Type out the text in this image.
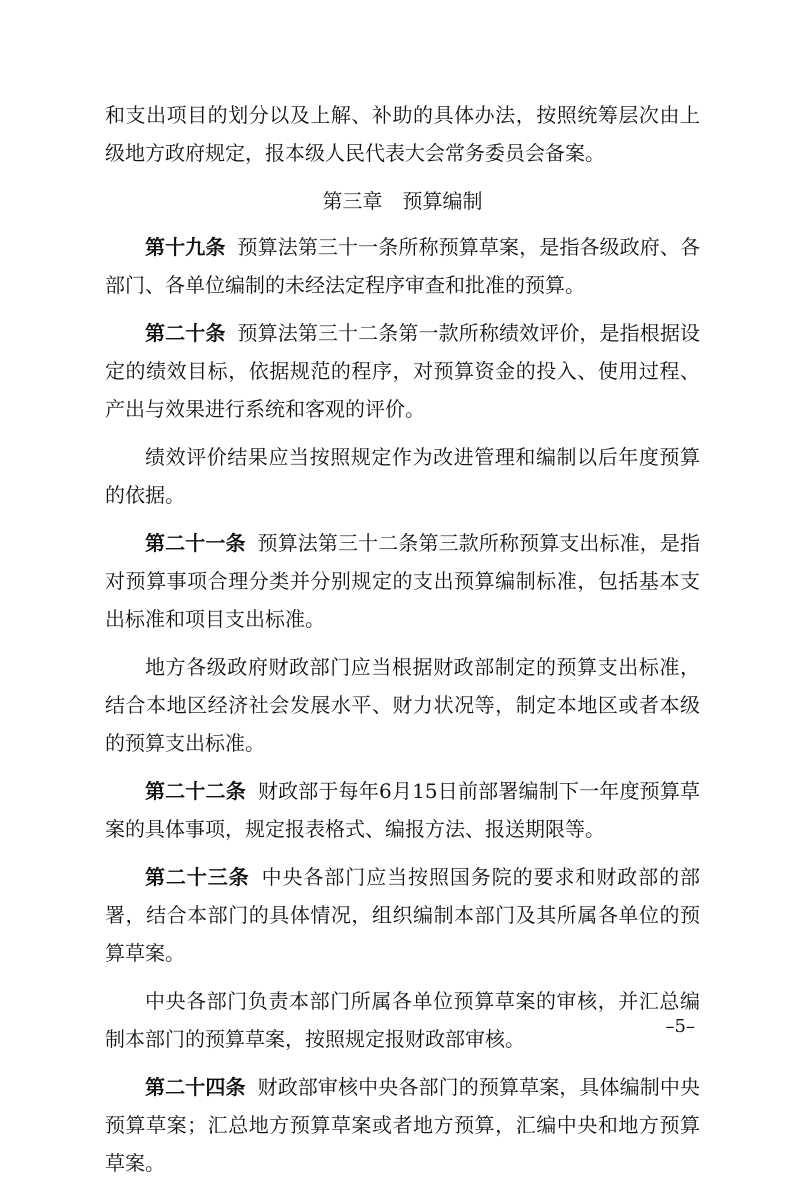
和支出项目的划分以及上解、补助的具体办法，按照统筹层次由上级地方政府规定，报本级人民代表大会常务委员会备案。

第三章　预算编制

第十九条 预算法第三十一条所称预算草案，是指各级政府、各部门、各单位编制的未经法定程序审查和批准的预算。

第二十条 预算法第三十二条第一款所称绩效评价，是指根据设定的绩效目标，依据规范的程序，对预算资金的投入、使用过程、产出与效果进行系统和客观的评价。

绩效评价结果应当按照规定作为改进管理和编制以后年度预算的依据。

第二十一条 预算法第三十二条第三款所称预算支出标准，是指对预算事项合理分类并分别规定的支出预算编制标准，包括基本支出标准和项目支出标准。

地方各级政府财政部门应当根据财政部制定的预算支出标准，结合本地区经济社会发展水平、财力状况等，制定本地区或者本级的预算支出标准。

第二十二条 财政部于每年6月15日前部署编制下一年度预算草案的具体事项，规定报表格式、编报方法、报送期限等。

第二十三条 中央各部门应当按照国务院的要求和财政部的部署，结合本部门的具体情况，组织编制本部门及其所属各单位的预算草案。

中央各部门负责本部门所属各单位预算草案的审核，并汇总编制本部门的预算草案，按照规定报财政部审核。

第二十四条 财政部审核中央各部门的预算草案，具体编制中央预算草案；汇总地方预算草案或者地方预算，汇编中央和地方预算草案。

–5–
